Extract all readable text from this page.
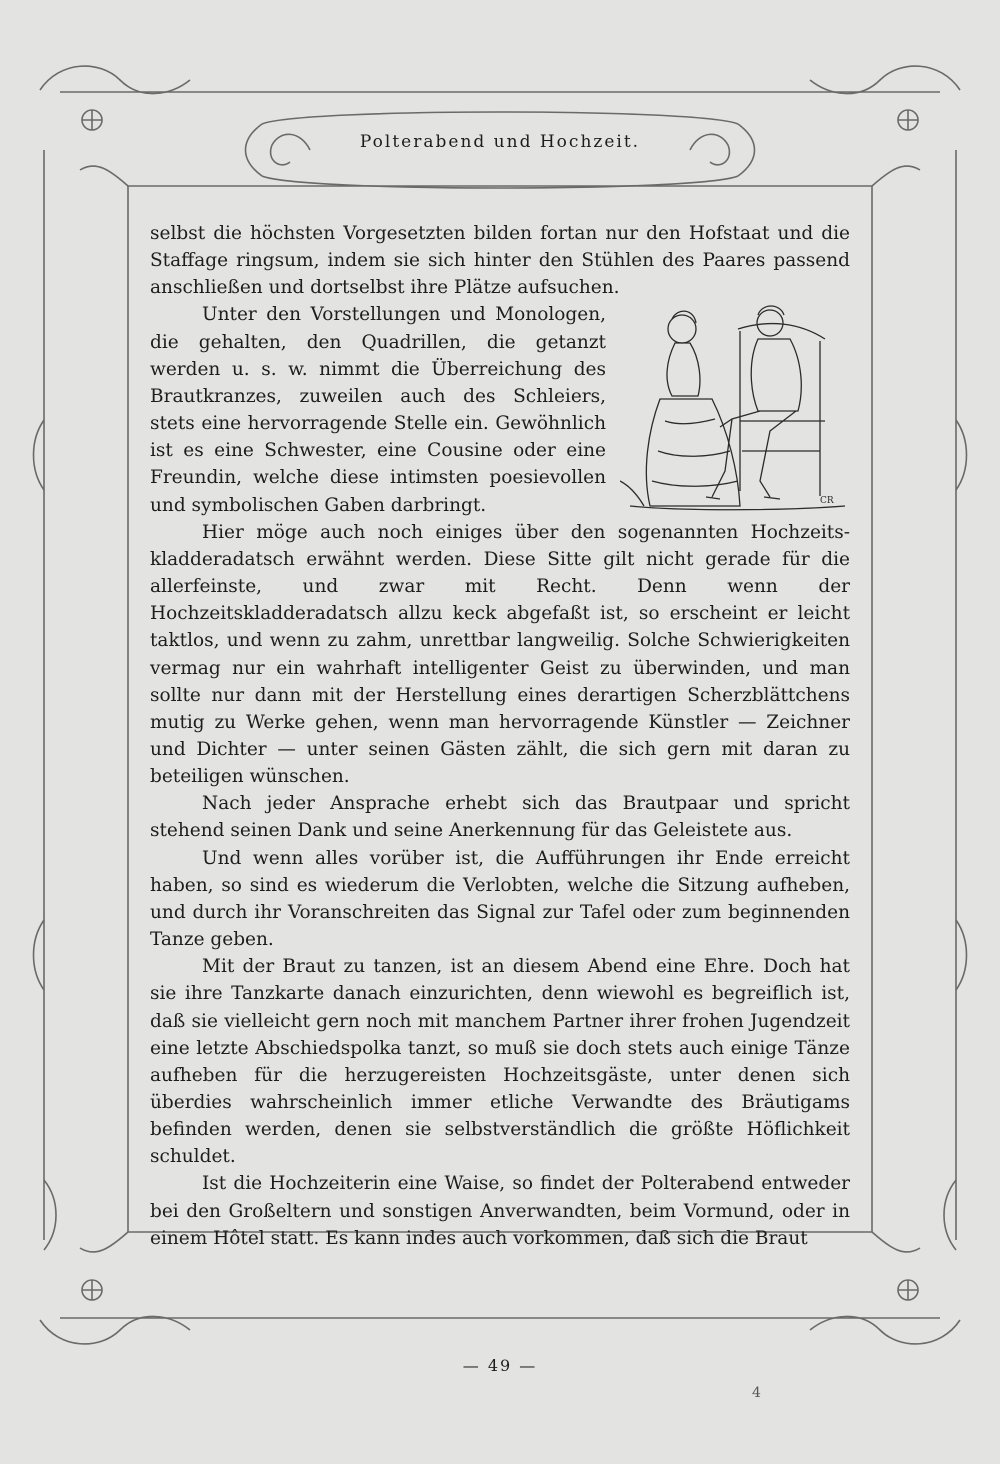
Polterabend und Hochzeit.

selbst die höchsten Vorgesetzten bilden fortan nur den Hofstaat und die Staffage ringsum, indem sie sich hinter den Stühlen des Paares passend anschließen und dortselbst ihre Plätze aufsuchen.

CR

Unter den Vorstellungen und Monologen, die gehalten, den Quadrillen, die getanzt werden u. s. w. nimmt die Überreichung des Brautkranzes, zuweilen auch des Schleiers, stets eine hervorragende Stelle ein. Gewöhnlich ist es eine Schwester, eine Cousine oder eine Freundin, welche diese intimsten poesievollen und symbolischen Gaben darbringt.

Hier möge auch noch einiges über den sogenannten Hochzeits-kladderadatsch erwähnt werden. Diese Sitte gilt nicht gerade für die allerfeinste, und zwar mit Recht. Denn wenn der Hochzeitskladderadatsch allzu keck abgefaßt ist, so erscheint er leicht taktlos, und wenn zu zahm, unrettbar langweilig. Solche Schwierigkeiten vermag nur ein wahrhaft intelligenter Geist zu überwinden, und man sollte nur dann mit der Herstellung eines derartigen Scherzblättchens mutig zu Werke gehen, wenn man hervorragende Künstler — Zeichner und Dichter — unter seinen Gästen zählt, die sich gern mit daran zu beteiligen wünschen.

Nach jeder Ansprache erhebt sich das Brautpaar und spricht stehend seinen Dank und seine Anerkennung für das Geleistete aus.

Und wenn alles vorüber ist, die Aufführungen ihr Ende erreicht haben, so sind es wiederum die Verlobten, welche die Sitzung aufheben, und durch ihr Voranschreiten das Signal zur Tafel oder zum beginnenden Tanze geben.

Mit der Braut zu tanzen, ist an diesem Abend eine Ehre. Doch hat sie ihre Tanzkarte danach einzurichten, denn wiewohl es begreiflich ist, daß sie vielleicht gern noch mit manchem Partner ihrer frohen Jugendzeit eine letzte Abschiedspolka tanzt, so muß sie doch stets auch einige Tänze aufheben für die herzugereisten Hochzeitsgäste, unter denen sich überdies wahrscheinlich immer etliche Verwandte des Bräutigams befinden werden, denen sie selbstverständlich die größte Höflichkeit schuldet.

Ist die Hochzeiterin eine Waise, so findet der Polterabend entweder bei den Großeltern und sonstigen Anverwandten, beim Vormund, oder in einem Hôtel statt. Es kann indes auch vorkommen, daß sich die Braut

— 49 —
4
